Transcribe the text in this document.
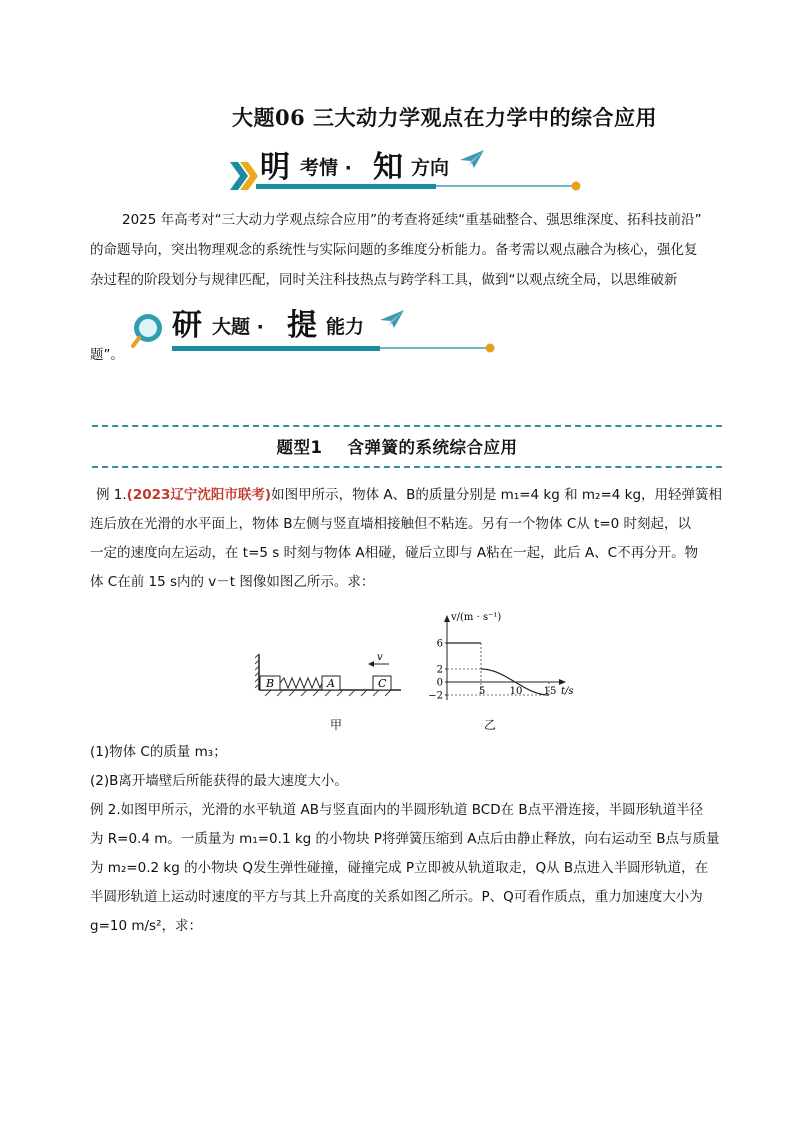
大题06 三大动力学观点在力学中的综合应用
明 考情 · 知 方向

2025 年高考对“三大动力学观点综合应用”的考查将延续“重基础整合、强思维深度、拓科技前沿”

的命题导向，突出物理观念的系统性与实际问题的多维度分析能力。备考需以观点融合为核心，强化复

杂过程的阶段划分与规律匹配，同时关注科技热点与跨学科工具，做到“以观点统全局，以思维破新

研 大题 · 提 能力

题”。

题型1    含弹簧的系统综合应用

例 1.(2023辽宁沈阳市联考)如图甲所示，物体 A、B的质量分别是 m₁=4 kg 和 m₂=4 kg，用轻弹簧相

连后放在光滑的水平面上，物体 B左侧与竖直墙相接触但不粘连。另有一个物体 C从 t=0 时刻起，以

一定的速度向左运动，在 t=5 s 时刻与物体 A相碰，碰后立即与 A粘在一起，此后 A、C不再分开。物

体 C在前 15 s内的 v－t 图像如图乙所示。求：

B	A	C
v
甲
v/(m · s⁻¹)
t/s
6
2
0
−2	5 10 15
乙

(1)物体 C的质量 m₃；

(2)B离开墙壁后所能获得的最大速度大小。

例 2.如图甲所示，光滑的水平轨道 AB与竖直面内的半圆形轨道 BCD在 B点平滑连接，半圆形轨道半径

为 R=0.4 m。一质量为 m₁=0.1 kg 的小物块 P将弹簧压缩到 A点后由静止释放，向右运动至 B点与质量

为 m₂=0.2 kg 的小物块 Q发生弹性碰撞，碰撞完成 P立即被从轨道取走，Q从 B点进入半圆形轨道，在

半圆形轨道上运动时速度的平方与其上升高度的关系如图乙所示。P、Q可看作质点，重力加速度大小为

g=10 m/s²，求：
